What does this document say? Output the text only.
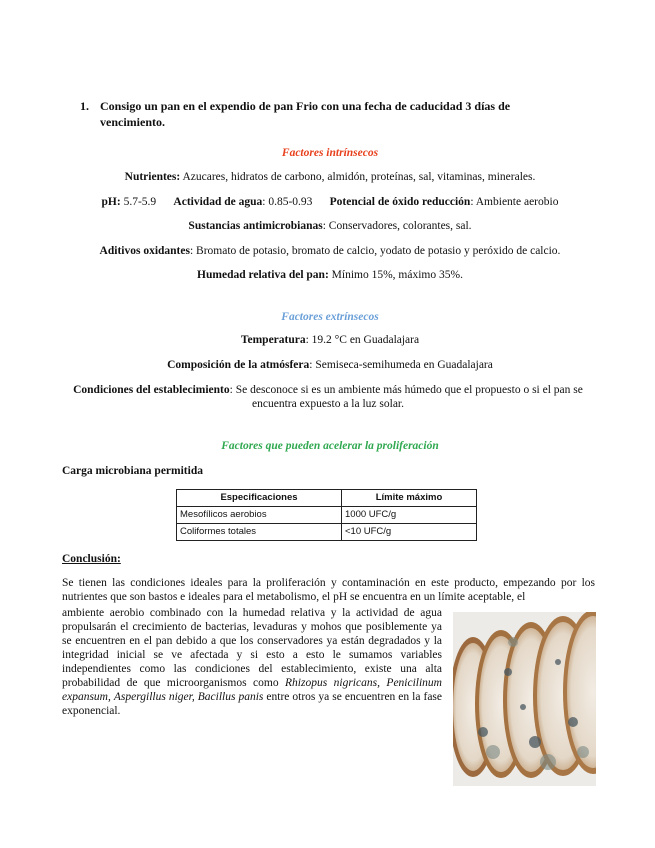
1. Consigo un pan en el expendio de pan Frio con una fecha de caducidad 3 días de vencimiento.
Factores intrínsecos
Nutrientes: Azucares, hidratos de carbono, almidón, proteínas, sal, vitaminas, minerales.
pH: 5.7-5.9 Actividad de agua: 0.85-0.93 Potencial de óxido reducción: Ambiente aerobio
Sustancias antimicrobianas: Conservadores, colorantes, sal.
Aditivos oxidantes: Bromato de potasio, bromato de calcio, yodato de potasio y peróxido de calcio.
Humedad relativa del pan: Mínimo 15%, máximo 35%.
Factores extrínsecos
Temperatura: 19.2 °C en Guadalajara
Composición de la atmósfera: Semiseca-semihumeda en Guadalajara
Condiciones del establecimiento: Se desconoce si es un ambiente más húmedo que el propuesto o si el pan se encuentra expuesto a la luz solar.
Factores que pueden acelerar la proliferación
Carga microbiana permitida
Especificaciones	Límite máximo
Mesofílicos aerobios	1000 UFC/g
Coliformes totales	<10 UFC/g
Conclusión:
Se tienen las condiciones ideales para la proliferación y contaminación en este producto, empezando por los nutrientes que son bastos e ideales para el metabolismo, el pH se encuentra en un límite aceptable, el
ambiente aerobio combinado con la humedad relativa y la actividad de agua propulsarán el crecimiento de bacterias, levaduras y mohos que posiblemente ya se encuentren en el pan debido a que los conservadores ya están degradados y la integridad inicial se ve afectada y si esto a esto le sumamos variables independientes como las condiciones del establecimiento, existe una alta probabilidad de que microorganismos como Rhizopus nigricans, Penicilinum expansum, Aspergillus niger, Bacillus panis entre otros ya se encuentren en la fase exponencial.
